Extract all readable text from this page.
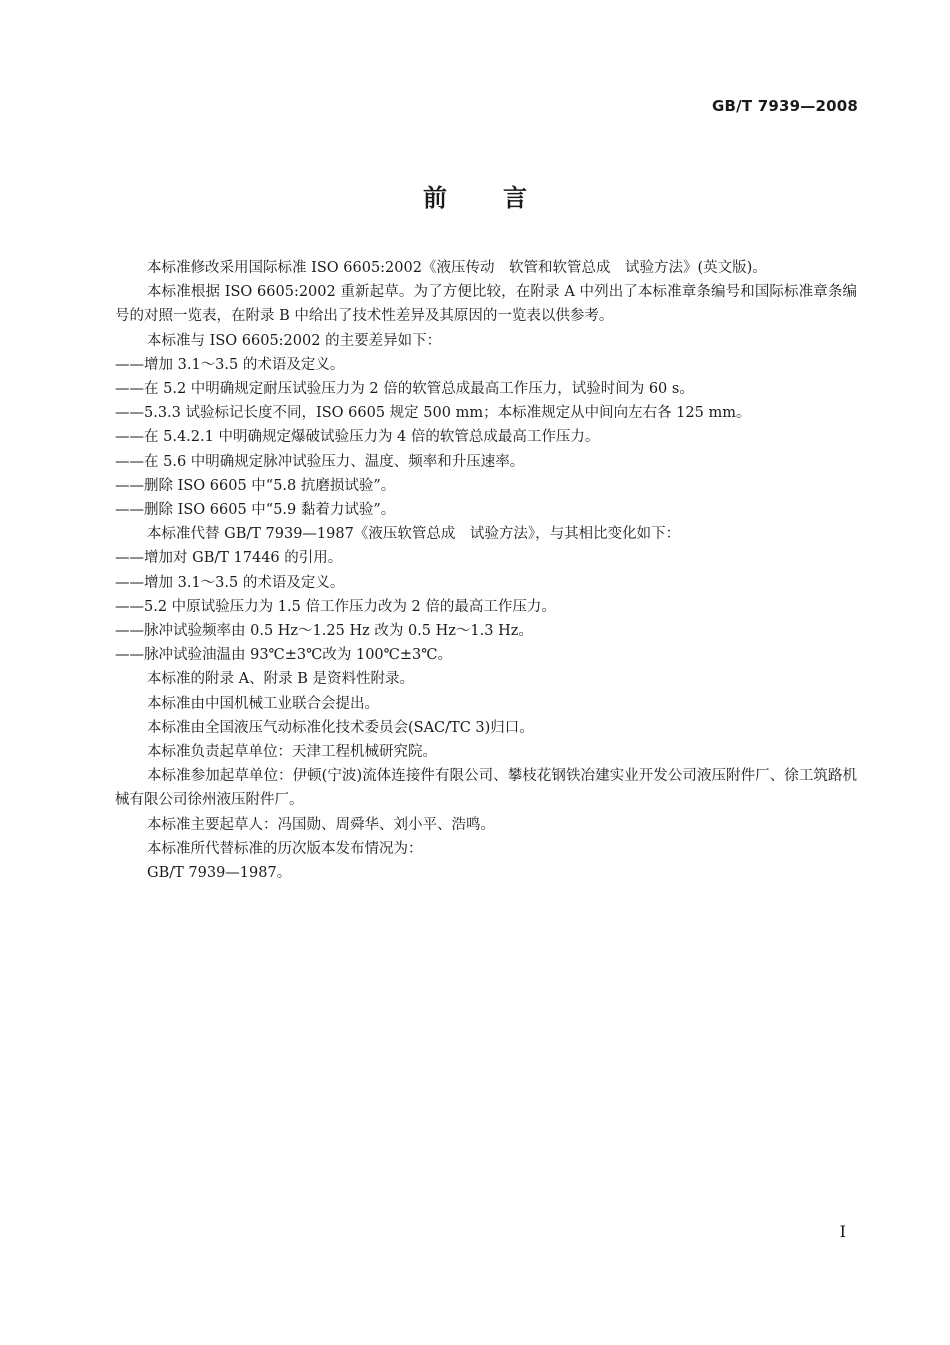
GB/T 7939—2008
前言

本标准修改采用国际标准 ISO 6605:2002《液压传动　软管和软管总成　试验方法》(英文版)。

本标准根据 ISO 6605:2002 重新起草。为了方便比较，在附录 A 中列出了本标准章条编号和国际标准章条编号的对照一览表，在附录 B 中给出了技术性差异及其原因的一览表以供参考。

本标准与 ISO 6605:2002 的主要差异如下：

——增加 3.1～3.5 的术语及定义。

——在 5.2 中明确规定耐压试验压力为 2 倍的软管总成最高工作压力，试验时间为 60 s。

——5.3.3 试验标记长度不同，ISO 6605 规定 500 mm；本标准规定从中间向左右各 125 mm。

——在 5.4.2.1 中明确规定爆破试验压力为 4 倍的软管总成最高工作压力。

——在 5.6 中明确规定脉冲试验压力、温度、频率和升压速率。

——删除 ISO 6605 中“5.8 抗磨损试验”。

——删除 ISO 6605 中“5.9 黏着力试验”。

本标准代替 GB/T 7939—1987《液压软管总成　试验方法》，与其相比变化如下：

——增加对 GB/T 17446 的引用。

——增加 3.1～3.5 的术语及定义。

——5.2 中原试验压力为 1.5 倍工作压力改为 2 倍的最高工作压力。

——脉冲试验频率由 0.5 Hz～1.25 Hz 改为 0.5 Hz～1.3 Hz。

——脉冲试验油温由 93℃±3℃改为 100℃±3℃。

本标准的附录 A、附录 B 是资料性附录。

本标准由中国机械工业联合会提出。

本标准由全国液压气动标准化技术委员会(SAC/TC 3)归口。

本标准负责起草单位：天津工程机械研究院。

本标准参加起草单位：伊顿(宁波)流体连接件有限公司、攀枝花钢铁冶建实业开发公司液压附件厂、徐工筑路机械有限公司徐州液压附件厂。

本标准主要起草人：冯国勋、周舜华、刘小平、浩鸣。

本标准所代替标准的历次版本发布情况为：

GB/T 7939—1987。

I
